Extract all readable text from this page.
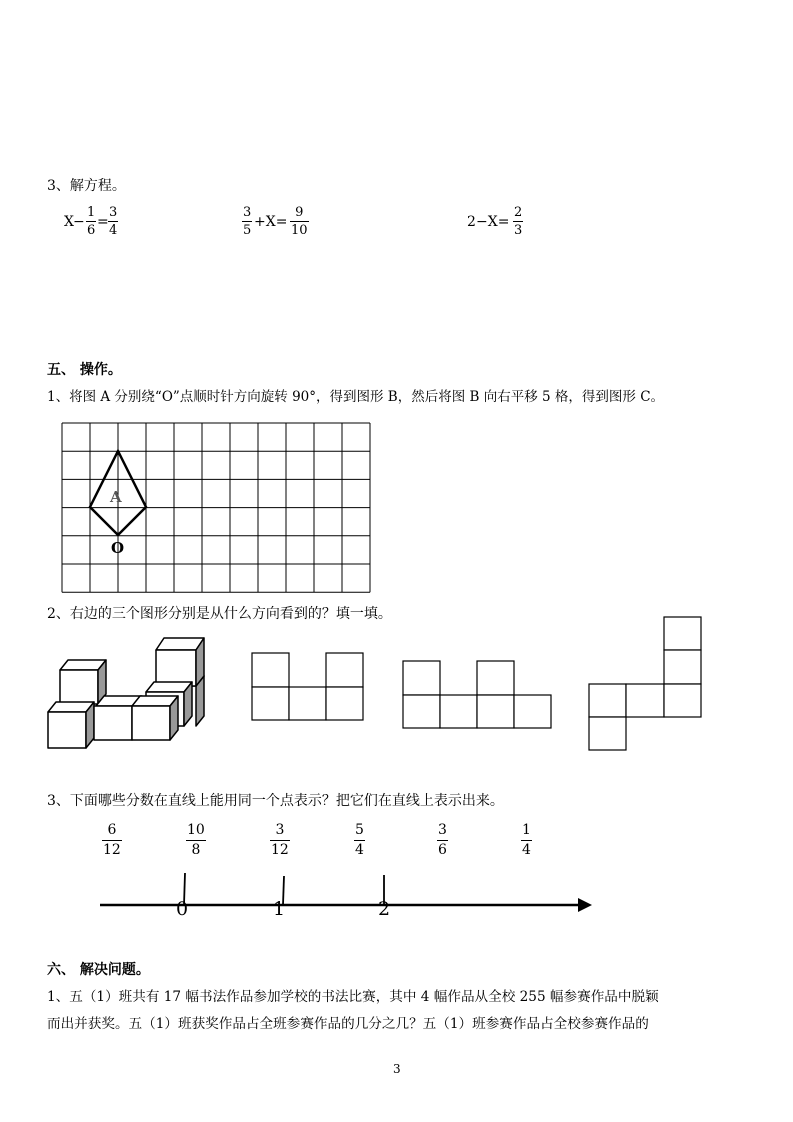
3、解方程。
X −
1
6
=
3
4
3
5
+X=
9
10
2 −X=
2
3
五、 操作。
1、将图 A 分别绕“O”点顺时针方向旋转 90°，得到图形 B，然后将图 B 向右平移 5 格，得到图形 C。
A
O
2、右边的三个图形分别是从什么方向看到的？填一填。
3、下面哪些分数在直线上能用同一个点表示？把它们在直线上表示出来。
6
12
10
8
3
12
5
4
3
6
1
4
0	1	2
六、 解决问题。
1、五（1）班共有 17 幅书法作品参加学校的书法比赛，其中 4 幅作品从全校 255 幅参赛作品中脱颖
而出并获奖。五（1）班获奖作品占全班参赛作品的几分之几？五（1）班参赛作品占全校参赛作品的
3
